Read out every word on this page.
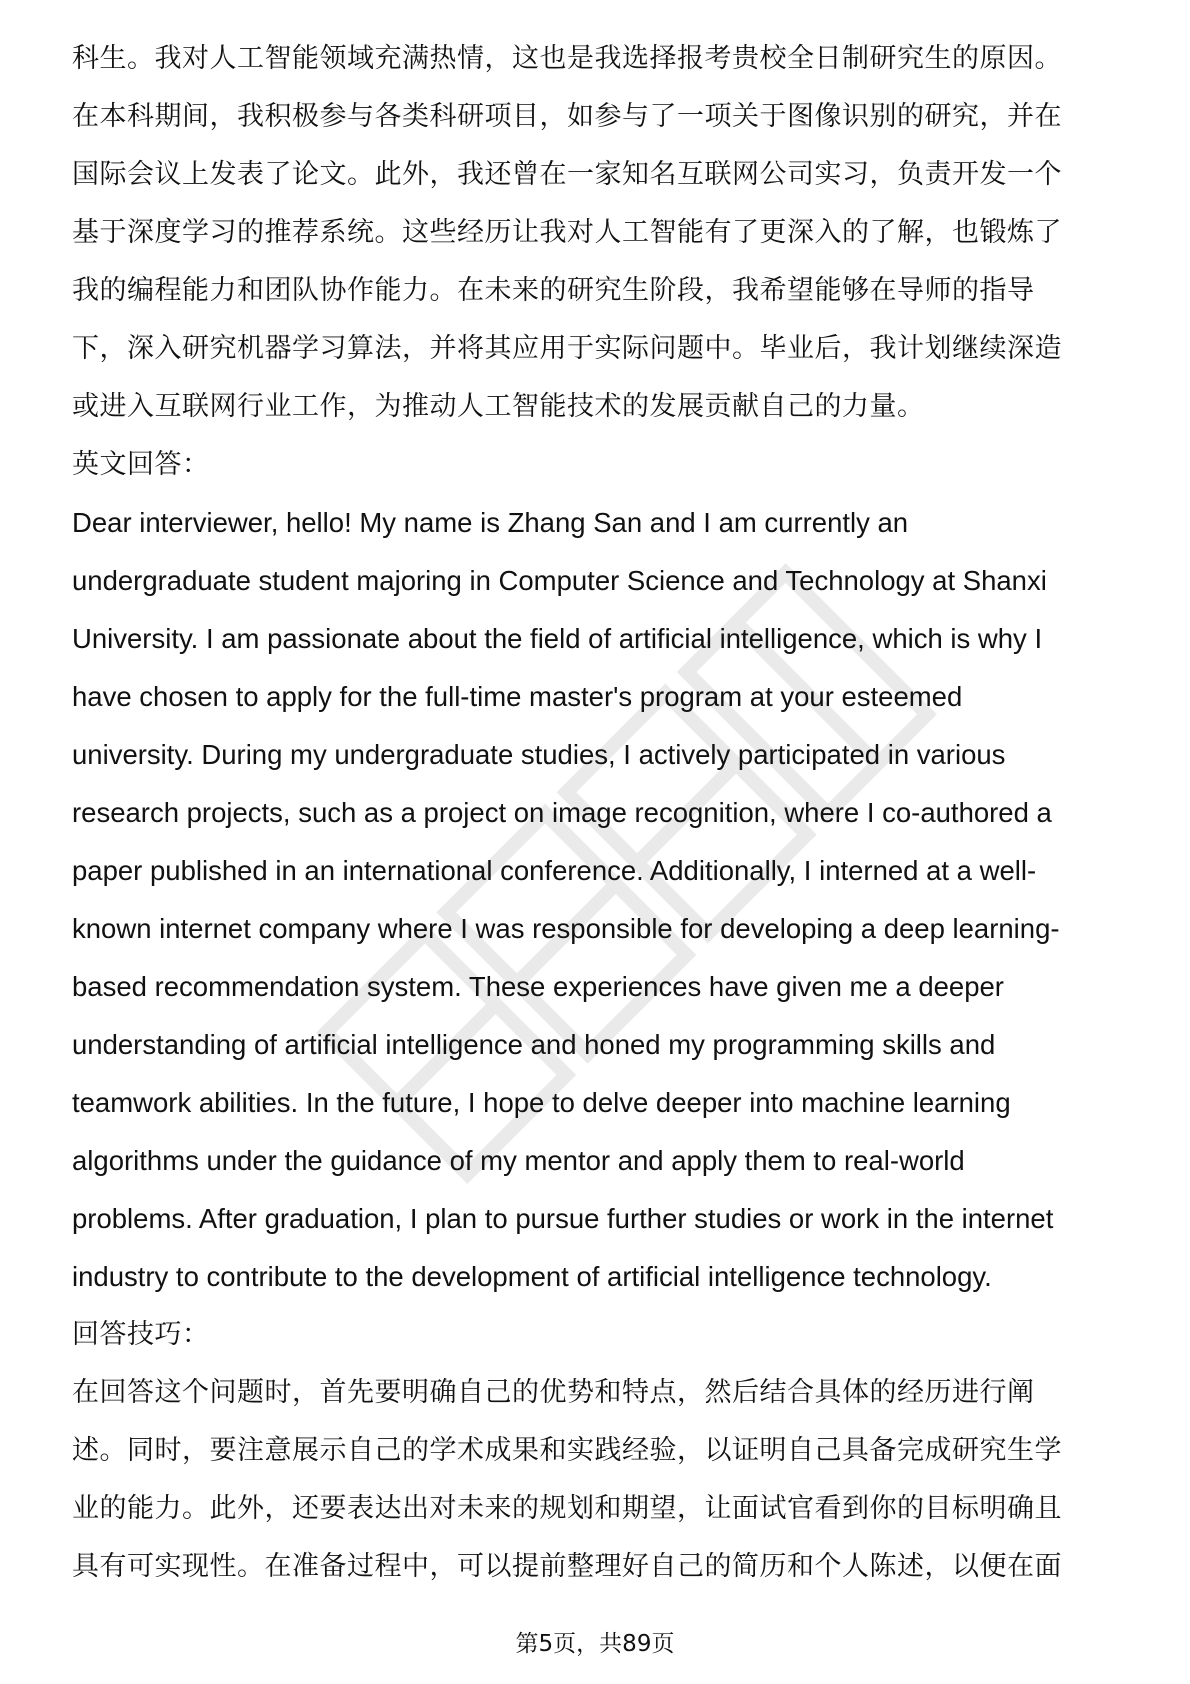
科生。我对人工智能领域充满热情，这也是我选择报考贵校全日制研究生的原因。
在本科期间，我积极参与各类科研项目，如参与了一项关于图像识别的研究，并在
国际会议上发表了论文。此外，我还曾在一家知名互联网公司实习，负责开发一个
基于深度学习的推荐系统。这些经历让我对人工智能有了更深入的了解，也锻炼了
我的编程能力和团队协作能力。在未来的研究生阶段，我希望能够在导师的指导
下，深入研究机器学习算法，并将其应用于实际问题中。毕业后，我计划继续深造
或进入互联网行业工作，为推动人工智能技术的发展贡献自己的力量。
英文回答：
Dear interviewer, hello! My name is Zhang San and I am currently an
undergraduate student majoring in Computer Science and Technology at Shanxi
University. I am passionate about the field of artificial intelligence, which is why I
have chosen to apply for the full-time master's program at your esteemed
university. During my undergraduate studies, I actively participated in various
research projects, such as a project on image recognition, where I co-authored a
paper published in an international conference. Additionally, I interned at a well-
known internet company where I was responsible for developing a deep learning-
based recommendation system. These experiences have given me a deeper
understanding of artificial intelligence and honed my programming skills and
teamwork abilities. In the future, I hope to delve deeper into machine learning
algorithms under the guidance of my mentor and apply them to real-world
problems. After graduation, I plan to pursue further studies or work in the internet
industry to contribute to the development of artificial intelligence technology.
回答技巧：
在回答这个问题时，首先要明确自己的优势和特点，然后结合具体的经历进行阐
述。同时，要注意展示自己的学术成果和实践经验，以证明自己具备完成研究生学
业的能力。此外，还要表达出对未来的规划和期望，让面试官看到你的目标明确且
具有可实现性。在准备过程中，可以提前整理好自己的简历和个人陈述，以便在面
第5页，共89页
